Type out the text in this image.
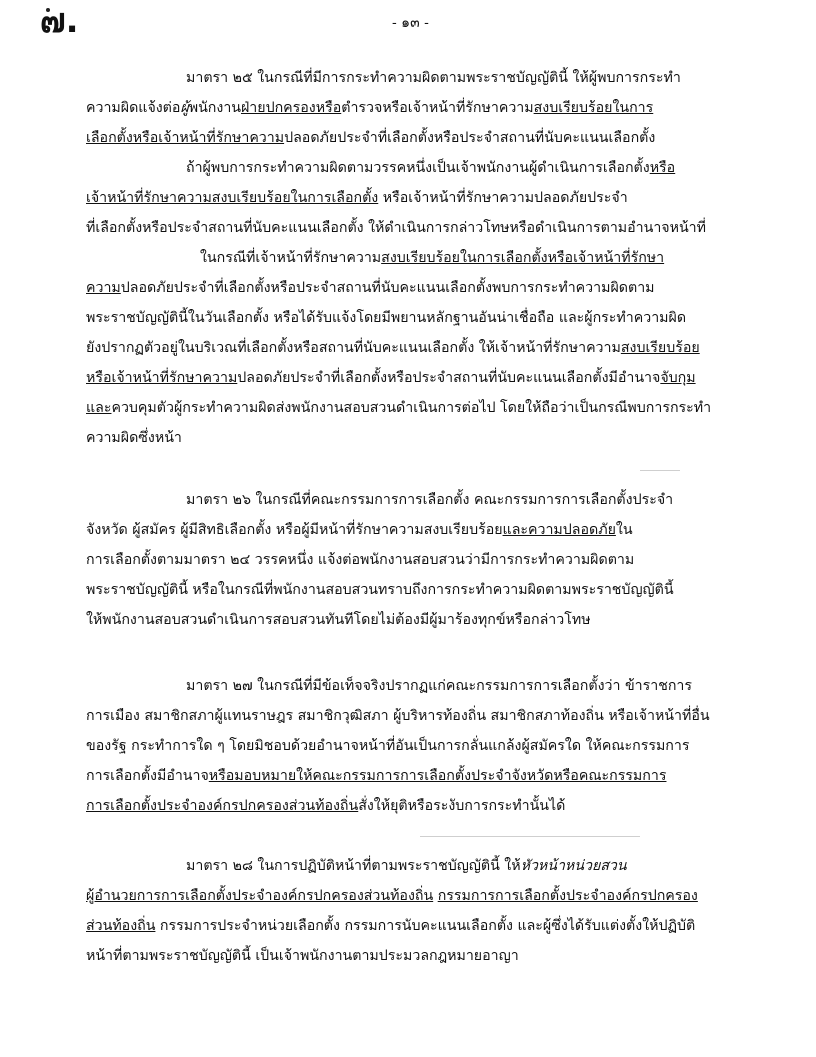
๗.	- ๑๓ -
มาตรา ๒๕ ในกรณีที่มีการกระทำความผิดตามพระราชบัญญัตินี้ ให้ผู้พบการกระทำ
ความผิดแจ้งต่อผู้พนักงานฝ่ายปกครองหรือตำรวจหรือเจ้าหน้าที่รักษาความสงบเรียบร้อยในการ
เลือกตั้งหรือเจ้าหน้าที่รักษาความปลอดภัยประจำที่เลือกตั้งหรือประจำสถานที่นับคะแนนเลือกตั้ง
ถ้าผู้พบการกระทำความผิดตามวรรคหนึ่งเป็นเจ้าพนักงานผู้ดำเนินการเลือกตั้งหรือ
เจ้าหน้าที่รักษาความสงบเรียบร้อยในการเลือกตั้ง หรือเจ้าหน้าที่รักษาความปลอดภัยประจำ
ที่เลือกตั้งหรือประจำสถานที่นับคะแนนเลือกตั้ง ให้ดำเนินการกล่าวโทษหรือดำเนินการตามอำนาจหน้าที่
ในกรณีที่เจ้าหน้าที่รักษาความสงบเรียบร้อยในการเลือกตั้งหรือเจ้าหน้าที่รักษา
ความปลอดภัยประจำที่เลือกตั้งหรือประจำสถานที่นับคะแนนเลือกตั้งพบการกระทำความผิดตาม
พระราชบัญญัตินี้ในวันเลือกตั้ง หรือได้รับแจ้งโดยมีพยานหลักฐานอันน่าเชื่อถือ และผู้กระทำความผิด
ยังปรากฏตัวอยู่ในบริเวณที่เลือกตั้งหรือสถานที่นับคะแนนเลือกตั้ง ให้เจ้าหน้าที่รักษาความสงบเรียบร้อย
หรือเจ้าหน้าที่รักษาความปลอดภัยประจำที่เลือกตั้งหรือประจำสถานที่นับคะแนนเลือกตั้งมีอำนาจจับกุม
และควบคุมตัวผู้กระทำความผิดส่งพนักงานสอบสวนดำเนินการต่อไป โดยให้ถือว่าเป็นกรณีพบการกระทำ
ความผิดซึ่งหน้า
มาตรา ๒๖ ในกรณีที่คณะกรรมการการเลือกตั้ง คณะกรรมการการเลือกตั้งประจำ
จังหวัด ผู้สมัคร ผู้มีสิทธิเลือกตั้ง หรือผู้มีหน้าที่รักษาความสงบเรียบร้อยและความปลอดภัยใน
การเลือกตั้งตามมาตรา ๒๔ วรรคหนึ่ง แจ้งต่อพนักงานสอบสวนว่ามีการกระทำความผิดตาม
พระราชบัญญัตินี้ หรือในกรณีที่พนักงานสอบสวนทราบถึงการกระทำความผิดตามพระราชบัญญัตินี้
ให้พนักงานสอบสวนดำเนินการสอบสวนทันทีโดยไม่ต้องมีผู้มาร้องทุกข์หรือกล่าวโทษ
มาตรา ๒๗ ในกรณีที่มีข้อเท็จจริงปรากฏแก่คณะกรรมการการเลือกตั้งว่า ข้าราชการ
การเมือง สมาชิกสภาผู้แทนราษฎร สมาชิกวุฒิสภา ผู้บริหารท้องถิ่น สมาชิกสภาท้องถิ่น หรือเจ้าหน้าที่อื่น
ของรัฐ กระทำการใด ๆ โดยมิชอบด้วยอำนาจหน้าที่อันเป็นการกลั่นแกล้งผู้สมัครใด ให้คณะกรรมการ
การเลือกตั้งมีอำนาจหรือมอบหมายให้คณะกรรมการการเลือกตั้งประจำจังหวัดหรือคณะกรรมการ
การเลือกตั้งประจำองค์กรปกครองส่วนท้องถิ่นสั่งให้ยุติหรือระงับการกระทำนั้นได้
มาตรา ๒๘ ในการปฏิบัติหน้าที่ตามพระราชบัญญัตินี้ ให้หัวหน้าหน่วยสวน
ผู้อำนวยการการเลือกตั้งประจำองค์กรปกครองส่วนท้องถิ่น กรรมการการเลือกตั้งประจำองค์กรปกครอง
ส่วนท้องถิ่น กรรมการประจำหน่วยเลือกตั้ง กรรมการนับคะแนนเลือกตั้ง และผู้ซึ่งได้รับแต่งตั้งให้ปฏิบัติ
หน้าที่ตามพระราชบัญญัตินี้ เป็นเจ้าพนักงานตามประมวลกฎหมายอาญา
